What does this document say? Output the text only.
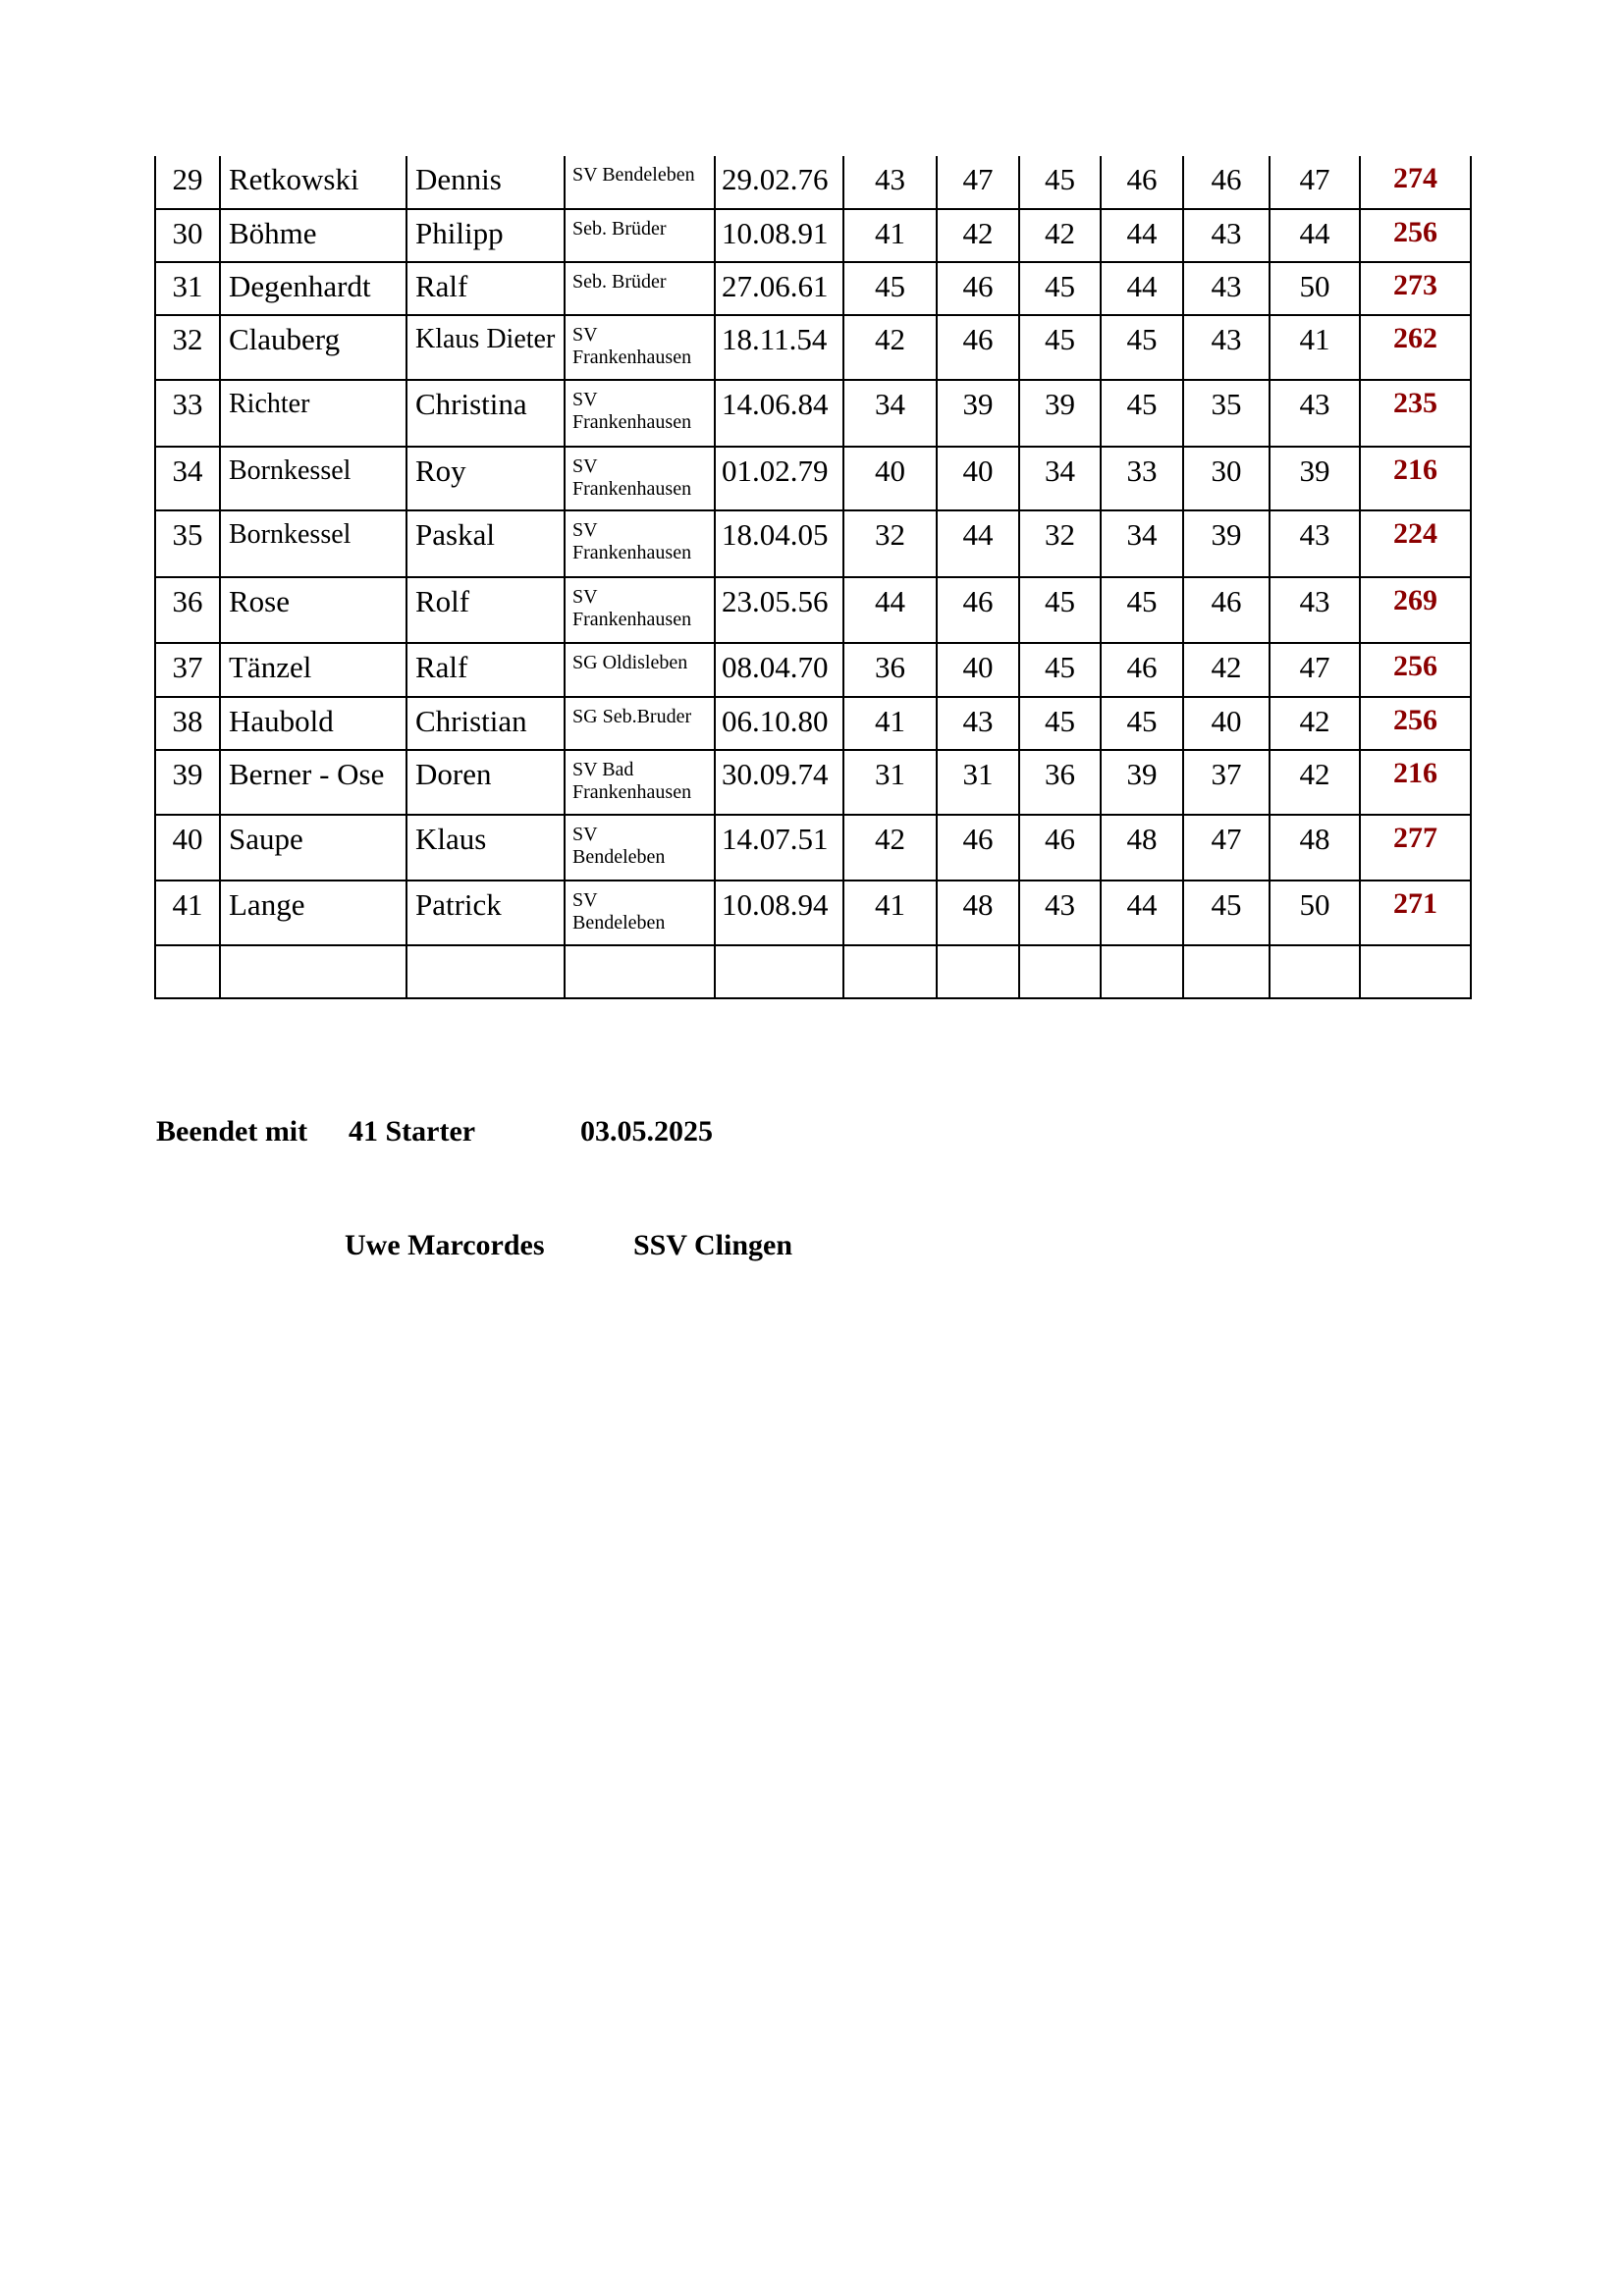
29	Retkowski	Dennis	SV Bendeleben	29.02.76	43	47	45	46	46	47	274
30	Böhme	Philipp	Seb. Brüder	10.08.91	41	42	42	44	43	44	256
31	Degenhardt	Ralf	Seb. Brüder	27.06.61	45	46	45	44	43	50	273
32	Clauberg	Klaus Dieter	SV
Frankenhausen	18.11.54	42	46	45	45	43	41	262
33	Richter	Christina	SV
Frankenhausen	14.06.84	34	39	39	45	35	43	235
34	Bornkessel	Roy	SV
Frankenhausen	01.02.79	40	40	34	33	30	39	216
35	Bornkessel	Paskal	SV
Frankenhausen	18.04.05	32	44	32	34	39	43	224
36	Rose	Rolf	SV
Frankenhausen	23.05.56	44	46	45	45	46	43	269
37	Tänzel	Ralf	SG Oldisleben	08.04.70	36	40	45	46	42	47	256
38	Haubold	Christian	SG Seb.Bruder	06.10.80	41	43	45	45	40	42	256
39	Berner - Ose	Doren	SV Bad
Frankenhausen	30.09.74	31	31	36	39	37	42	216
40	Saupe	Klaus	SV
Bendeleben	14.07.51	42	46	46	48	47	48	277
41	Lange	Patrick	SV
Bendeleben	10.08.94	41	48	43	44	45	50	271

Beendet mit 41 Starter	03.05.2025
Uwe Marcordes	SSV Clingen
